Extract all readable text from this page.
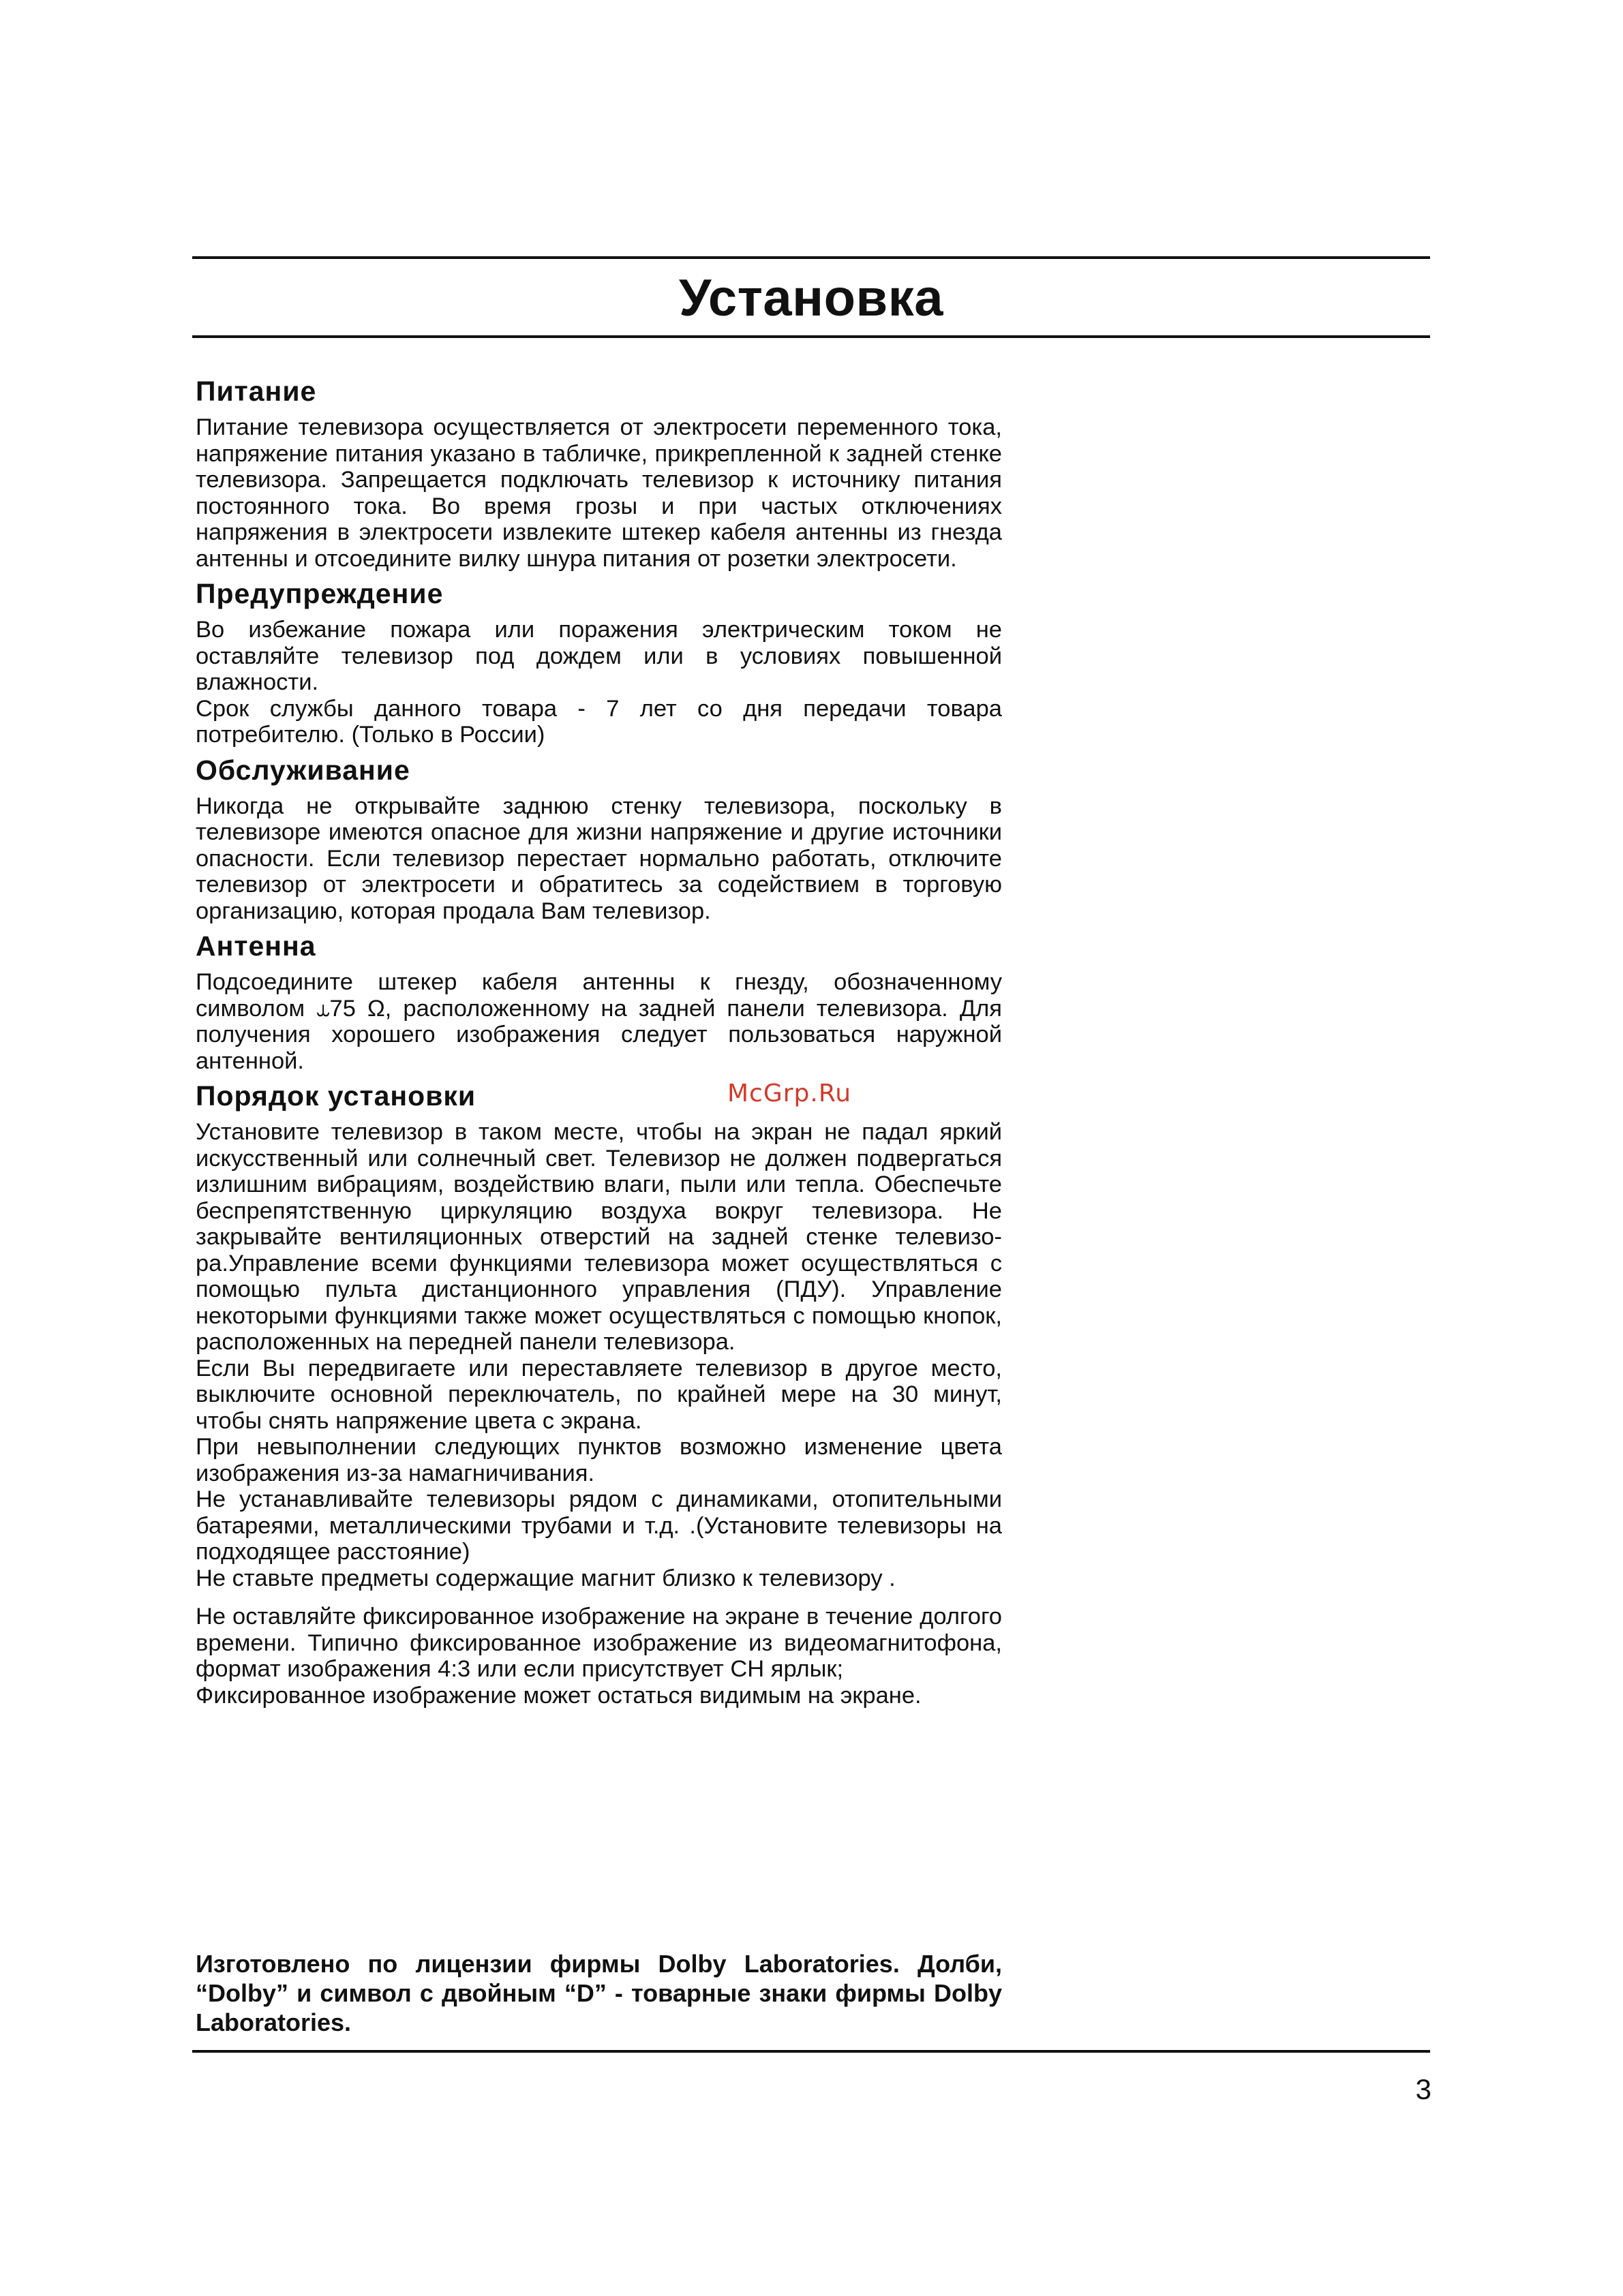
Установка
Питание

Питание телевизора осуществляется от электросети переменного тока, напряжение питания указано в табличке, прикрепленной к задней стенке телевизора. Запрещается подключать телевизор к источнику питания постоянного тока. Во время грозы и при частых отключениях напряжения в электросети извлеките штекер кабеля антенны из гнезда антенны и отсоедините вилку шнура питания от розетки электросети.

Предупреждение

Во избежание пожара или поражения электрическим током не оставляйте телевизор под дождем или в условиях повышенной влажности.

Срок службы данного товара - 7 лет со дня передачи товара потребителю. (Только в России)

Обслуживание

Никогда не открывайте заднюю стенку телевизора, поскольку в телевизоре имеются опасное для жизни напряжение и другие источники опасности. Если телевизор перестает нормально работать, отключите телевизор от электросети и обратитесь за содействием в торговую организацию, которая продала Вам телевизор.

Антенна

Подсоедините штекер кабеля антенны к гнезду, обозначенному символом ⥿75 Ω, расположенному на задней панели телевизора. Для получения хорошего изображения следует пользоваться наружной антенной.

Порядок установки	McGrp.Ru

Установите телевизор в таком месте, чтобы на экран не падал яркий искусственный или солнечный свет. Телевизор не должен подвергаться излишним вибрациям, воздействию влаги, пыли или тепла. Обеспечьте беспрепятственную циркуляцию воздуха вокруг телевизора. Не закрывайте вентиляционных отверстий на задней стенке телевизо-ра.Управление всеми функциями телевизора может осуществляться с помощью пульта дистанционного управления (ПДУ). Управление некоторыми функциями также может осуществляться с помощью кнопок, расположенных на передней панели телевизора.

Если Вы передвигаете или переставляете телевизор в другое место, выключите основной переключатель, по крайней мере на 30 минут, чтобы снять напряжение цвета с экрана.

При невыполнении следующих пунктов возможно изменение цвета изображения из-за намагничивания.

Не устанавливайте телевизоры рядом с динамиками, отопительными батареями, металлическими трубами и т.д. .(Установите телевизоры на подходящее расстояние)

Не ставьте предметы содержащие магнит близко к телевизору .

Не оставляйте фиксированное изображение на экране в течение долгого времени. Типично фиксированное изображение из видеомагнитофона, формат изображения 4:3 или если присутствует CH ярлык;

Фиксированное изображение может остаться видимым на экране.

Изготовлено по лицензии фирмы Dolby Laboratories. Долби, “Dolby” и символ с двойным “D” - товарные знаки фирмы Dolby Laboratories.

3
